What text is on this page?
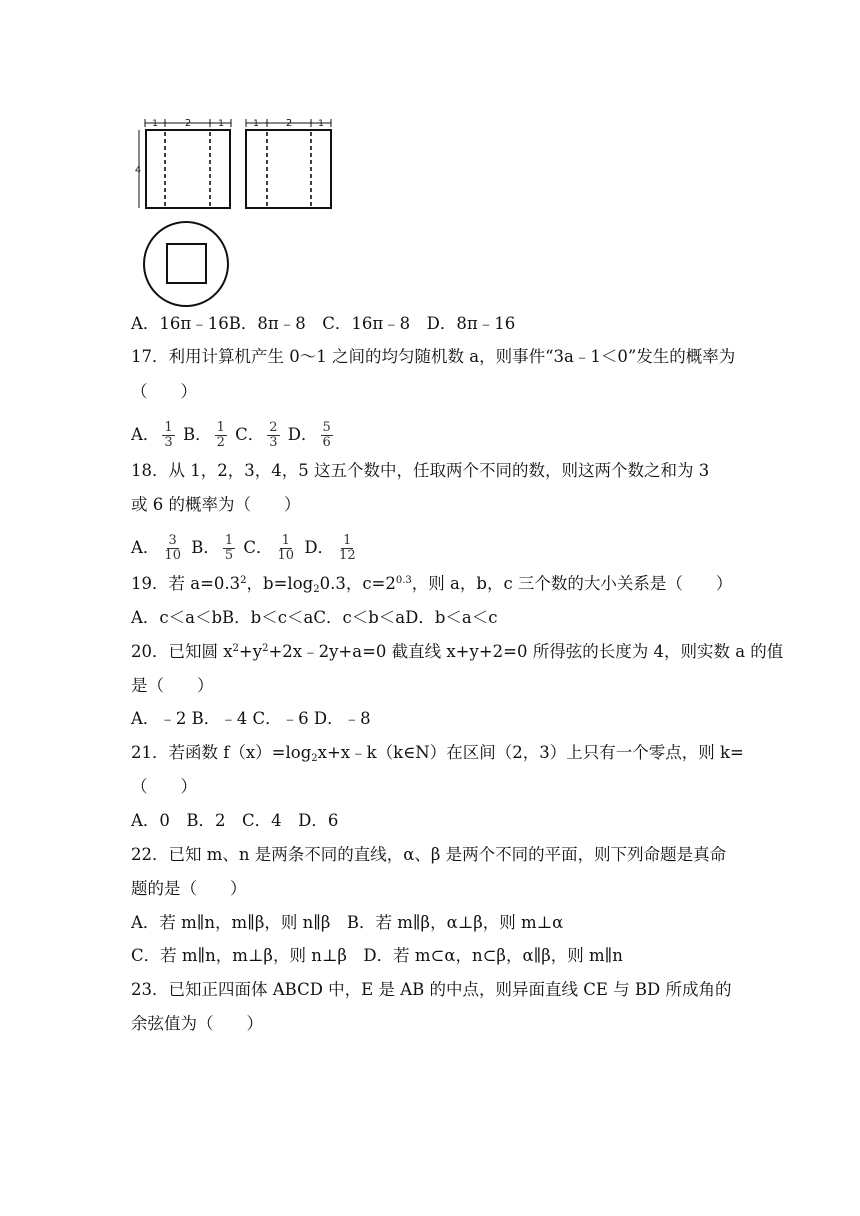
1	2	1
4
1	2	1
A．16π﹣16B．8π﹣8　C．16π﹣8　D．8π﹣16
17．利用计算机产生 0～1 之间的均匀随机数 a，则事件“3a﹣1＜0”发生的概率为
（　　）
A． $\frac{1}{3}$ B． $\frac{1}{2}$ C． $\frac{2}{3}$ D． $\frac{5}{6}$
18．从 1，2，3，4，5 这五个数中，任取两个不同的数，则这两个数之和为 3
或 6 的概率为（　　）
A． $\frac{3}{10}$ B． $\frac{1}{5}$ C． $\frac{1}{10}$ D． $\frac{1}{12}$
19．若 $a=0.3^2$，$b=\log_20.3$，$c=2^{0.3}$，则 a，b，c 三个数的大小关系是（　　）
A．c＜a＜bB．b＜c＜aC．c＜b＜aD．b＜a＜c
20．已知圆 $x^2+y^2+2x﹣2y+a=0$ 截直线 x+y+2=0 所得弦的长度为 4，则实数 a 的值
是（　　）
A．﹣2 B．﹣4 C．﹣6 D．﹣8
21．若函数 $f(x)=\log_2x+x﹣k(k\in N)$在区间（2，3）上只有一个零点，则 k=
（　　）
A．0　B．2　C．4　D．6
22．已知 m、n 是两条不同的直线，α、β 是两个不同的平面，则下列命题是真命
题的是（　　）
A．若 m∥n，m∥β，则 n∥β　B．若 m∥β，α⊥β，则 m⊥α
C．若 m∥n，m⊥β，则 n⊥β　D．若 m⊂α，n⊂β，α∥β，则 m∥n
23．已知正四面体 ABCD 中，E 是 AB 的中点，则异面直线 CE 与 BD 所成角的
余弦值为（　　）
